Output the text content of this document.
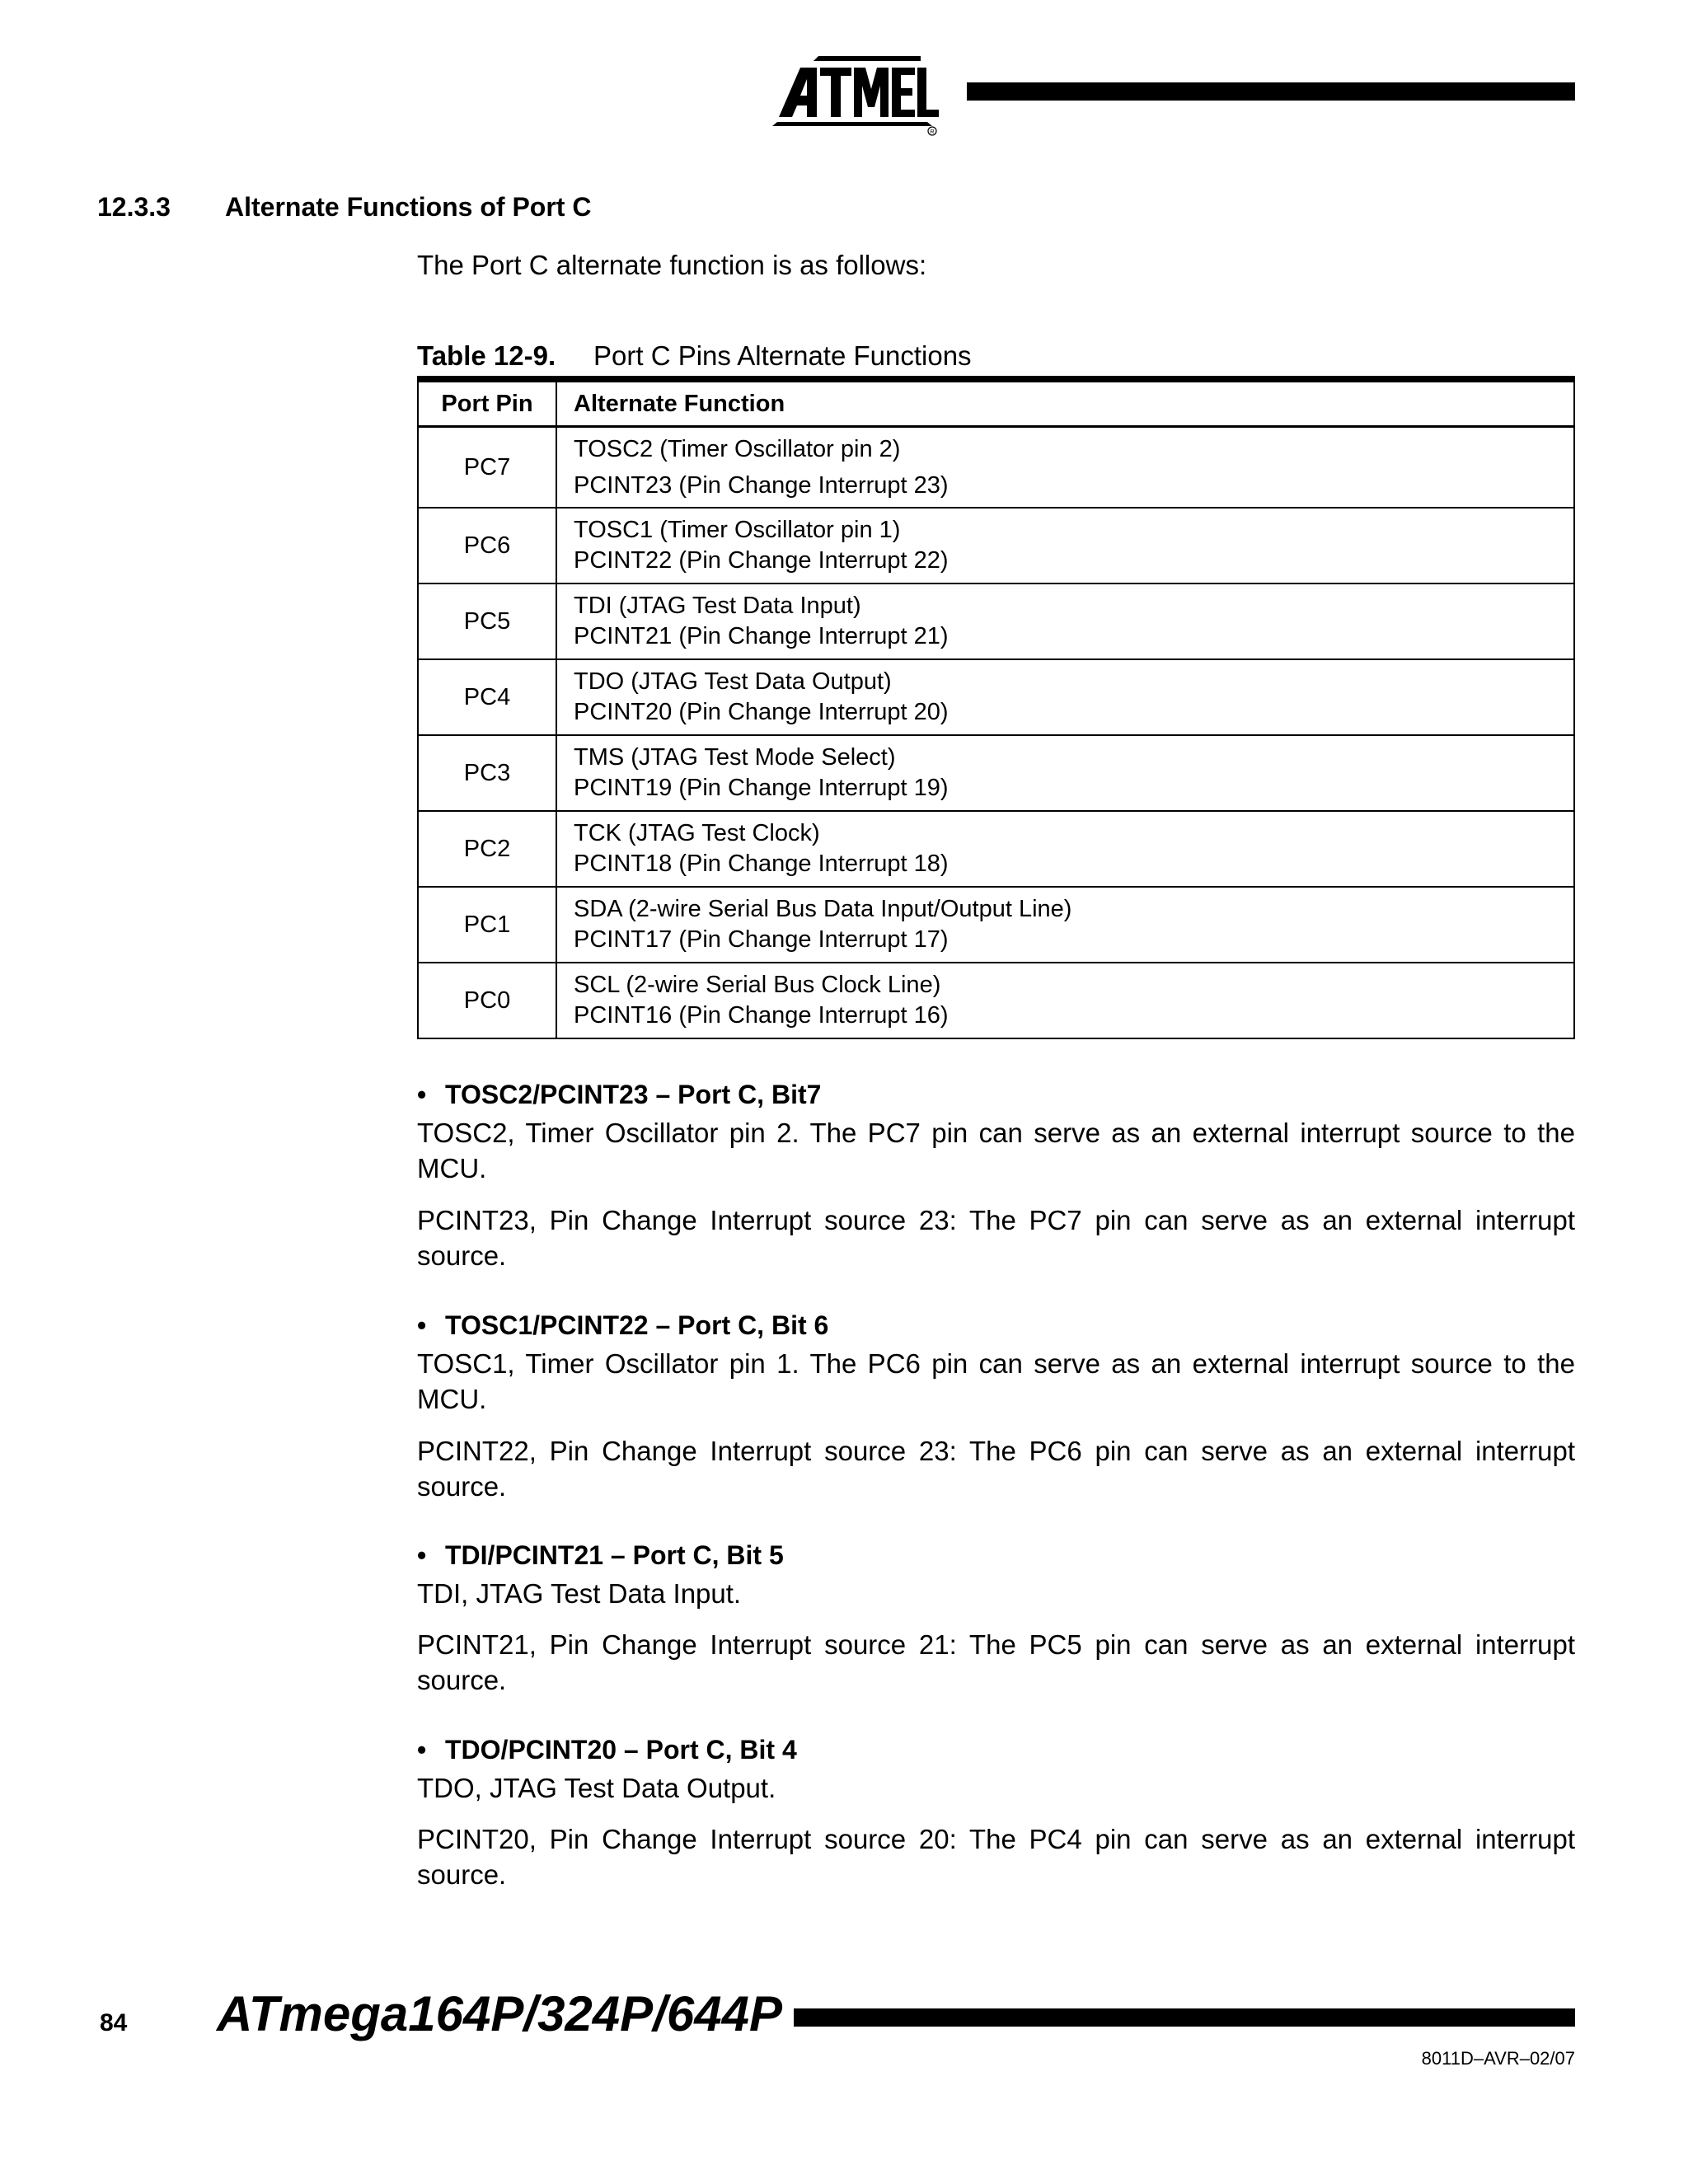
R
12.3.3 Alternate Functions of Port C
The Port C alternate function is as follows:
Table 12-9. Port C Pins Alternate Functions
Port Pin	Alternate Function
PC7	TOSC2 (Timer Oscillator pin 2)
PCINT23 (Pin Change Interrupt 23)

PC6	TOSC1 (Timer Oscillator pin 1)
PCINT22 (Pin Change Interrupt 22)

PC5	TDI (JTAG Test Data Input)
PCINT21 (Pin Change Interrupt 21)

PC4	TDO (JTAG Test Data Output)
PCINT20 (Pin Change Interrupt 20)

PC3	TMS (JTAG Test Mode Select)
PCINT19 (Pin Change Interrupt 19)

PC2	TCK (JTAG Test Clock)
PCINT18 (Pin Change Interrupt 18)

PC1	SDA (2-wire Serial Bus Data Input/Output Line)
PCINT17 (Pin Change Interrupt 17)

PC0	SCL (2-wire Serial Bus Clock Line)
PCINT16 (Pin Change Interrupt 16)
• TOSC2/PCINT23 – Port C, Bit7
TOSC2, Timer Oscillator pin 2. The PC7 pin can serve as an external interrupt source to the MCU.
PCINT23, Pin Change Interrupt source 23: The PC7 pin can serve as an external interrupt source.
• TOSC1/PCINT22 – Port C, Bit 6
TOSC1, Timer Oscillator pin 1. The PC6 pin can serve as an external interrupt source to the MCU.
PCINT22, Pin Change Interrupt source 23: The PC6 pin can serve as an external interrupt source.
• TDI/PCINT21 – Port C, Bit 5
TDI, JTAG Test Data Input.
PCINT21, Pin Change Interrupt source 21: The PC5 pin can serve as an external interrupt source.
• TDO/PCINT20 – Port C, Bit 4
TDO, JTAG Test Data Output.
PCINT20, Pin Change Interrupt source 20: The PC4 pin can serve as an external interrupt source.
84 ATmega164P/324P/644P
8011D–AVR–02/07
